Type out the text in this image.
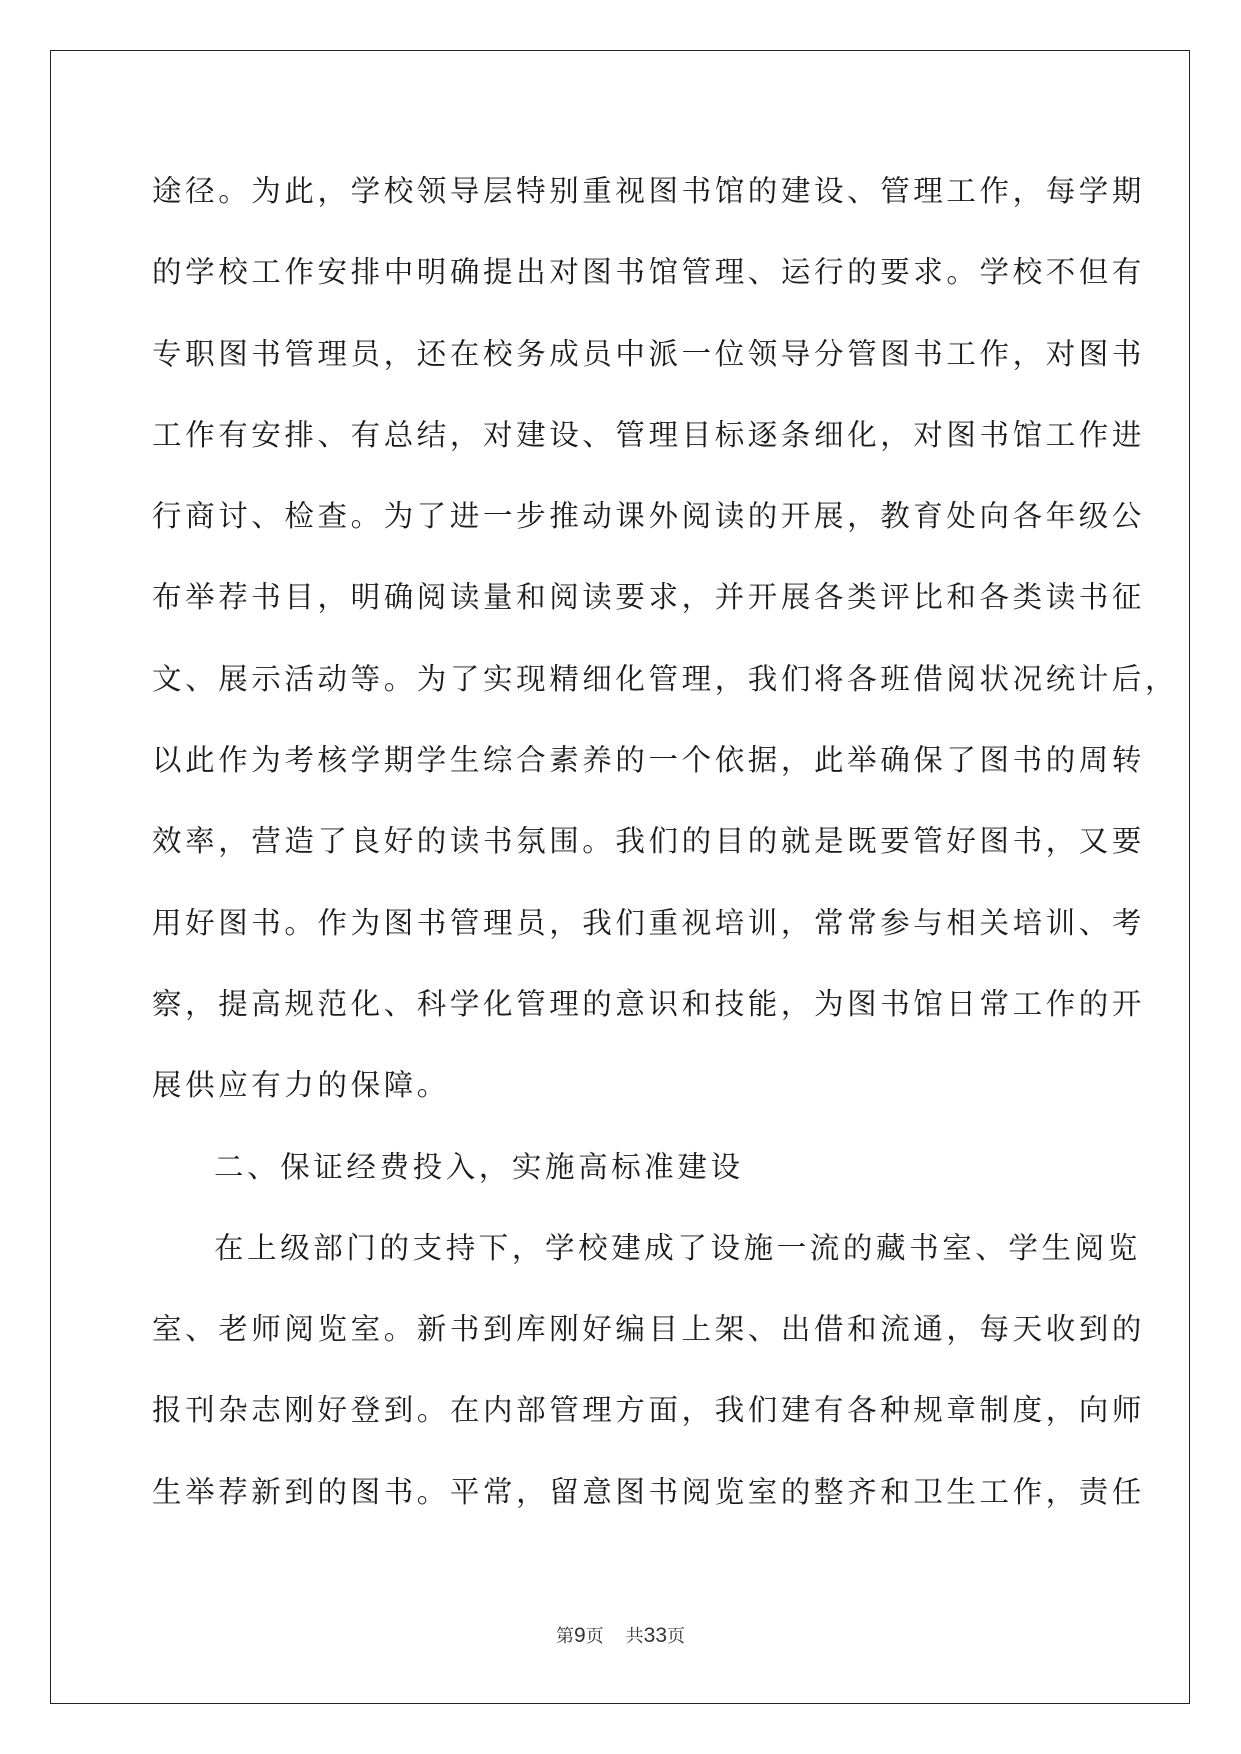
途径。为此，学校领导层特别重视图书馆的建设、管理工作，每学期
的学校工作安排中明确提出对图书馆管理、运行的要求。学校不但有
专职图书管理员，还在校务成员中派一位领导分管图书工作，对图书
工作有安排、有总结，对建设、管理目标逐条细化，对图书馆工作进
行商讨、检查。为了进一步推动课外阅读的开展，教育处向各年级公
布举荐书目，明确阅读量和阅读要求，并开展各类评比和各类读书征
文、展示活动等。为了实现精细化管理，我们将各班借阅状况统计后，
以此作为考核学期学生综合素养的一个依据，此举确保了图书的周转
效率，营造了良好的读书氛围。我们的目的就是既要管好图书，又要
用好图书。作为图书管理员，我们重视培训，常常参与相关培训、考
察，提高规范化、科学化管理的意识和技能，为图书馆日常工作的开
展供应有力的保障。
二、保证经费投入，实施高标准建设
在上级部门的支持下，学校建成了设施一流的藏书室、学生阅览
室、老师阅览室。新书到库刚好编目上架、出借和流通，每天收到的
报刊杂志刚好登到。在内部管理方面，我们建有各种规章制度，向师
生举荐新到的图书。平常，留意图书阅览室的整齐和卫生工作，责任
第9页 共33页
